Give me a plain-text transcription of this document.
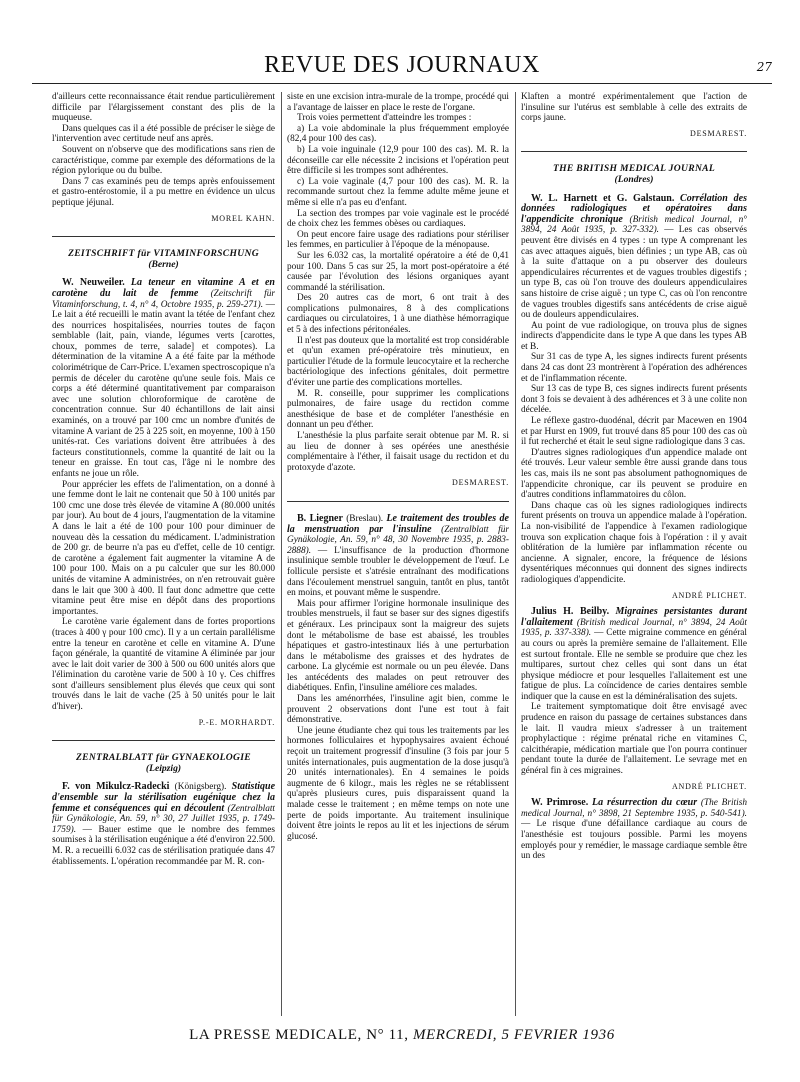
REVUE DES JOURNAUX	27

d'ailleurs cette reconnaissance était rendue particulièrement difficile par l'élargissement constant des plis de la muqueuse.

Dans quelques cas il a été possible de préciser le siège de l'intervention avec certitude neuf ans après.

Souvent on n'observe que des modifications sans rien de caractéristique, comme par exemple des déformations de la région pylorique ou du bulbe.

Dans 7 cas examinés peu de temps après enfouissement et gastro-entérostomie, il a pu mettre en évidence un ulcus peptique jéjunal.

MOREL KAHN.
ZEITSCHRIFT für VITAMINFORSCHUNG
(Berne)

W. Neuweiler. La teneur en vitamine A et en carotène du lait de femme (Zeitschrift für Vitaminforschung, t. 4, n° 4, Octobre 1935, p. 259-271). — Le lait a été recueilli le matin avant la tétée de l'enfant chez des nourrices hospitalisées, nourries toutes de façon semblable (lait, pain, viande, légumes verts [carottes, choux, pommes de terre, salade] et compotes). La détermination de la vitamine A a été faite par la méthode colorimétrique de Carr-Price. L'examen spectroscopique n'a permis de déceler du carotène qu'une seule fois. Mais ce corps a été déterminé quantitativement par comparaison avec une solution chloroformique de carotène de concentration connue. Sur 40 échantillons de lait ainsi examinés, on a trouvé par 100 cmc un nombre d'unités de vitamine A variant de 25 à 225 soit, en moyenne, 100 à 150 unités-rat. Ces variations doivent être attribuées à des facteurs constitutionnels, comme la quantité de lait ou la teneur en graisse. En tout cas, l'âge ni le nombre des enfants ne joue un rôle.

Pour apprécier les effets de l'alimentation, on a donné à une femme dont le lait ne contenait que 50 à 100 unités par 100 cmc une dose très élevée de vitamine A (80.000 unités par jour). Au bout de 4 jours, l'augmentation de la vitamine A dans le lait a été de 100 pour 100 pour diminuer de nouveau dès la cessation du médicament. L'administration de 200 gr. de beurre n'a pas eu d'effet, celle de 10 centigr. de carotène a également fait augmenter la vitamine A de 100 pour 100. Mais on a pu calculer que sur les 80.000 unités de vitamine A administrées, on n'en retrouvait guère dans le lait que 300 à 400. Il faut donc admettre que cette vitamine peut être mise en dépôt dans des proportions importantes.

Le carotène varie également dans de fortes proportions (traces à 400 γ pour 100 cmc). Il y a un certain parallélisme entre la teneur en carotène et celle en vitamine A. D'une façon générale, la quantité de vitamine A éliminée par jour avec le lait doit varier de 300 à 500 ou 600 unités alors que l'élimination du carotène varie de 500 à 10 γ. Ces chiffres sont d'ailleurs sensiblement plus élevés que ceux qui sont trouvés dans le lait de vache (25 à 50 unités pour le lait d'hiver).

P.-E. MORHARDT.
ZENTRALBLATT für GYNAEKOLOGIE
(Leipzig)

F. von Mikulcz-Radecki (Königsberg). Statistique d'ensemble sur la stérilisation eugénique chez la femme et conséquences qui en découlent (Zentralblatt für Gynäkologie, An. 59, n° 30, 27 Juillet 1935, p. 1749-1759). — Bauer estime que le nombre des femmes soumises à la stérilisation eugénique a été d'environ 22.500. M. R. a recueilli 6.032 cas de stérilisation pratiquée dans 47 établissements. L'opération recommandée par M. R. con-

siste en une excision intra-murale de la trompe, procédé qui a l'avantage de laisser en place le reste de l'organe.

Trois voies permettent d'atteindre les trompes :

a) La voie abdominale la plus fréquemment employée (82,4 pour 100 des cas).

b) La voie inguinale (12,9 pour 100 des cas). M. R. la déconseille car elle nécessite 2 incisions et l'opération peut être difficile si les trompes sont adhérentes.

c) La voie vaginale (4,7 pour 100 des cas). M. R. la recommande surtout chez la femme adulte même jeune et même si elle n'a pas eu d'enfant.

La section des trompes par voie vaginale est le procédé de choix chez les femmes obèses ou cardiaques.

On peut encore faire usage des radiations pour stériliser les femmes, en particulier à l'époque de la ménopause.

Sur les 6.032 cas, la mortalité opératoire a été de 0,41 pour 100. Dans 5 cas sur 25, la mort post-opératoire a été causée par l'évolution des lésions organiques ayant commandé la stérilisation.

Des 20 autres cas de mort, 6 ont trait à des complications pulmonaires, 8 à des complications cardiaques ou circulatoires, 1 à une diathèse hémorragique et 5 à des infections péritonéales.

Il n'est pas douteux que la mortalité est trop considérable et qu'un examen pré-opératoire très minutieux, en particulier l'étude de la formule leucocytaire et la recherche bactériologique des infections génitales, doit permettre d'éviter une partie des complications mortelles.

M. R. conseille, pour supprimer les complications pulmonaires, de faire usage du rectidon comme anesthésique de base et de compléter l'anesthésie en donnant un peu d'éther.

L'anesthésie la plus parfaite serait obtenue par M. R. si au lieu de donner à ses opérées une anesthésie complémentaire à l'éther, il faisait usage du rectidon et du protoxyde d'azote.

DESMAREST.

B. Liegner (Breslau). Le traitement des troubles de la menstruation par l'insuline (Zentralblatt für Gynäkologie, An. 59, n° 48, 30 Novembre 1935, p. 2883-2888). — L'insuffisance de la production d'hormone insulinique semble troubler le développement de l'œuf. Le follicule persiste et s'atrésie entraînant des modifications dans l'écoulement menstruel sanguin, tantôt en plus, tantôt en moins, et pouvant même le suspendre.

Mais pour affirmer l'origine hormonale insulinique des troubles menstruels, il faut se baser sur des signes digestifs et généraux. Les principaux sont la maigreur des sujets dont le métabolisme de base est abaissé, les troubles hépatiques et gastro-intestinaux liés à une perturbation dans le métabolisme des graisses et des hydrates de carbone. La glycémie est normale ou un peu élevée. Dans les antécédents des malades on peut retrouver des diabétiques. Enfin, l'insuline améliore ces malades.

Dans les aménorrhées, l'insuline agit bien, comme le prouvent 2 observations dont l'une est tout à fait démonstrative.

Une jeune étudiante chez qui tous les traitements par les hormones folliculaires et hypophysaires avaient échoué reçoit un traitement progressif d'insuline (3 fois par jour 5 unités internationales, puis augmentation de la dose jusqu'à 20 unités internationales). En 4 semaines le poids augmente de 6 kilogr., mais les règles ne se rétablissent qu'après plusieurs cures, puis disparaissent quand la malade cesse le traitement ; en même temps on note une perte de poids importante. Au traitement insulinique doivent être joints le repos au lit et les injections de sérum glucosé.

Klaften a montré expérimentalement que l'action de l'insuline sur l'utérus est semblable à celle des extraits de corps jaune.

DESMAREST.
THE BRITISH MEDICAL JOURNAL
(Londres)

W. L. Harnett et G. Galstaun. Corrélation des données radiologiques et opératoires dans l'appendicite chronique (British medical Journal, n° 3894, 24 Août 1935, p. 327-332). — Les cas observés peuvent être divisés en 4 types : un type A comprenant les cas avec attaques aiguës, bien définies ; un type AB, cas où à la suite d'attaque on a pu observer des douleurs appendiculaires récurrentes et de vagues troubles digestifs ; un type B, cas où l'on trouve des douleurs appendiculaires sans histoire de crise aiguë ; un type C, cas où l'on rencontre de vagues troubles digestifs sans antécédents de crise aiguë ou de douleurs appendiculaires.

Au point de vue radiologique, on trouva plus de signes indirects d'appendicite dans le type A que dans les types AB et B.

Sur 31 cas de type A, les signes indirects furent présents dans 24 cas dont 23 montrèrent à l'opération des adhérences et de l'inflammation récente.

Sur 13 cas de type B, ces signes indirects furent présents dont 3 fois se devaient à des adhérences et 3 à une colite non décelée.

Le réflexe gastro-duodénal, décrit par Macewen en 1904 et par Hurst en 1909, fut trouvé dans 85 pour 100 des cas où il fut recherché et était le seul signe radiologique dans 3 cas.

D'autres signes radiologiques d'un appendice malade ont été trouvés. Leur valeur semble être aussi grande dans tous les cas, mais ils ne sont pas absolument pathognomiques de l'appendicite chronique, car ils peuvent se produire en d'autres conditions inflammatoires du côlon.

Dans chaque cas où les signes radiologiques indirects furent présents on trouva un appendice malade à l'opération. La non-visibilité de l'appendice à l'examen radiologique trouva son explication chaque fois à l'opération : il y avait oblitération de la lumière par inflammation récente ou ancienne. A signaler, encore, la fréquence de lésions dysentériques méconnues qui donnent des signes indirects radiologiques d'appendicite.

ANDRÉ PLICHET.

Julius H. Beilby. Migraines persistantes durant l'allaitement (British medical Journal, n° 3894, 24 Août 1935, p. 337-338). — Cette migraine commence en général au cours ou après la première semaine de l'allaitement. Elle est surtout frontale. Elle ne semble se produire que chez les multipares, surtout chez celles qui sont dans un état physique médiocre et pour lesquelles l'allaitement est une fatigue de plus. La coïncidence de caries dentaires semble indiquer que la cause en est la déminéralisation des sujets.

Le traitement symptomatique doit être envisagé avec prudence en raison du passage de certaines substances dans le lait. Il vaudra mieux s'adresser à un traitement prophylactique : régime prénatal riche en vitamines C, calcithérapie, médication martiale que l'on pourra continuer pendant toute la durée de l'allaitement. Le sevrage met en général fin à ces migraines.

ANDRÉ PLICHET.

W. Primrose. La résurrection du cœur (The British medical Journal, n° 3898, 21 Septembre 1935, p. 540-541). — Le risque d'une défaillance cardiaque au cours de l'anesthésie est toujours possible. Parmi les moyens employés pour y remédier, le massage cardiaque semble être un des

LA PRESSE MEDICALE, N° 11, MERCREDI, 5 FEVRIER 1936
